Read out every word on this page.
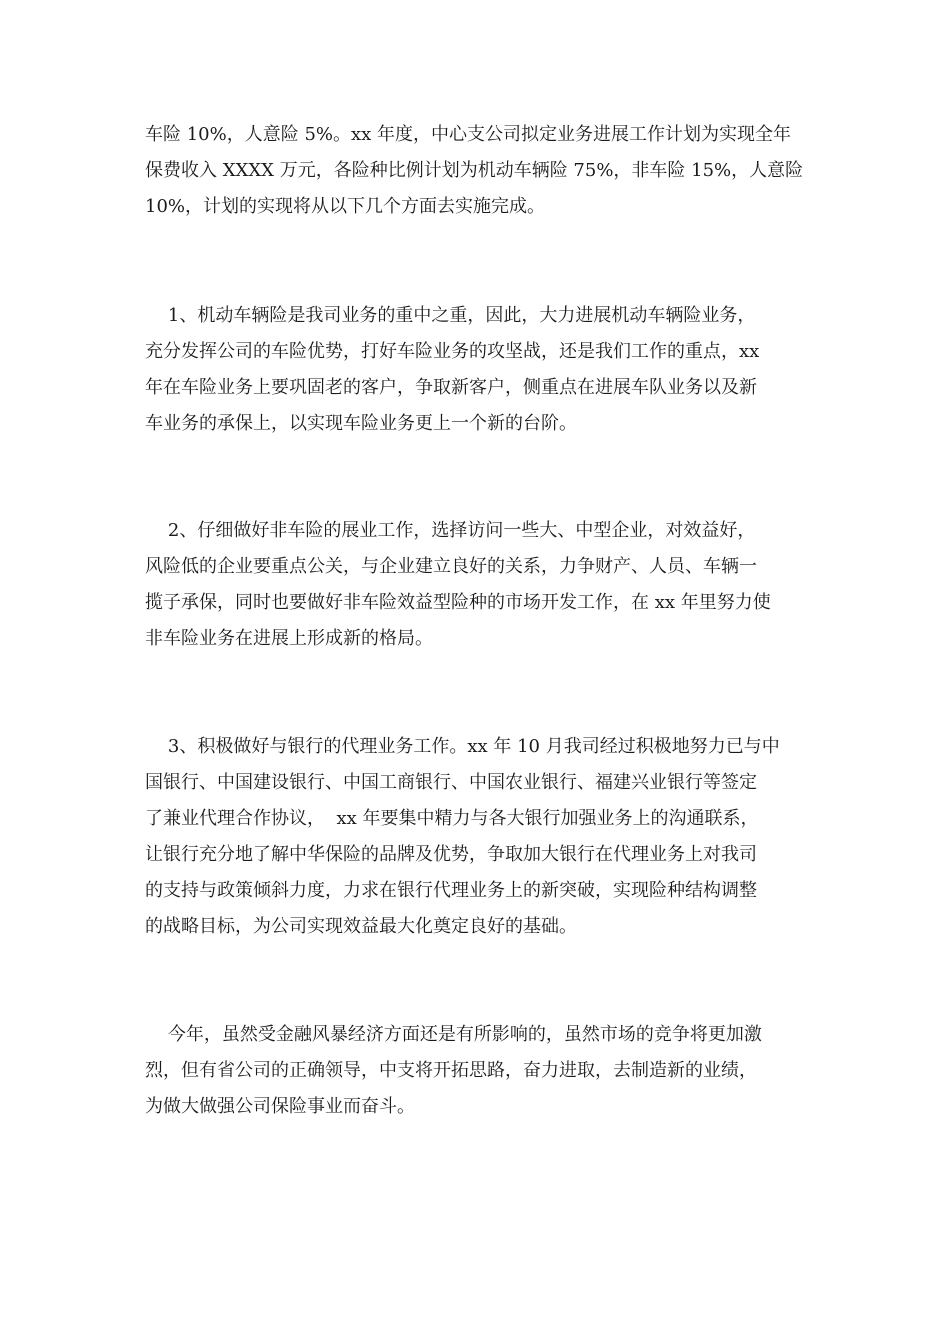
车险 10%，人意险 5%。xx 年度，中心支公司拟定业务进展工作计划为实现全年
保费收入 XXXX 万元，各险种比例计划为机动车辆险 75%，非车险 15%，人意险
10%，计划的实现将从以下几个方面去实施完成。
1、机动车辆险是我司业务的重中之重，因此，大力进展机动车辆险业务，
充分发挥公司的车险优势，打好车险业务的攻坚战，还是我们工作的重点，xx
年在车险业务上要巩固老的客户，争取新客户，侧重点在进展车队业务以及新
车业务的承保上，以实现车险业务更上一个新的台阶。
2、仔细做好非车险的展业工作，选择访问一些大、中型企业，对效益好，
风险低的企业要重点公关，与企业建立良好的关系，力争财产、人员、车辆一
揽子承保，同时也要做好非车险效益型险种的市场开发工作，在 xx 年里努力使
非车险业务在进展上形成新的格局。
3、积极做好与银行的代理业务工作。xx 年 10 月我司经过积极地努力已与中
国银行、中国建设银行、中国工商银行、中国农业银行、福建兴业银行等签定
了兼业代理合作协议，  xx 年要集中精力与各大银行加强业务上的沟通联系，
让银行充分地了解中华保险的品牌及优势，争取加大银行在代理业务上对我司
的支持与政策倾斜力度，力求在银行代理业务上的新突破，实现险种结构调整
的战略目标，为公司实现效益最大化奠定良好的基础。
今年，虽然受金融风暴经济方面还是有所影响的，虽然市场的竞争将更加激
烈，但有省公司的正确领导，中支将开拓思路，奋力进取，去制造新的业绩，
为做大做强公司保险事业而奋斗。
